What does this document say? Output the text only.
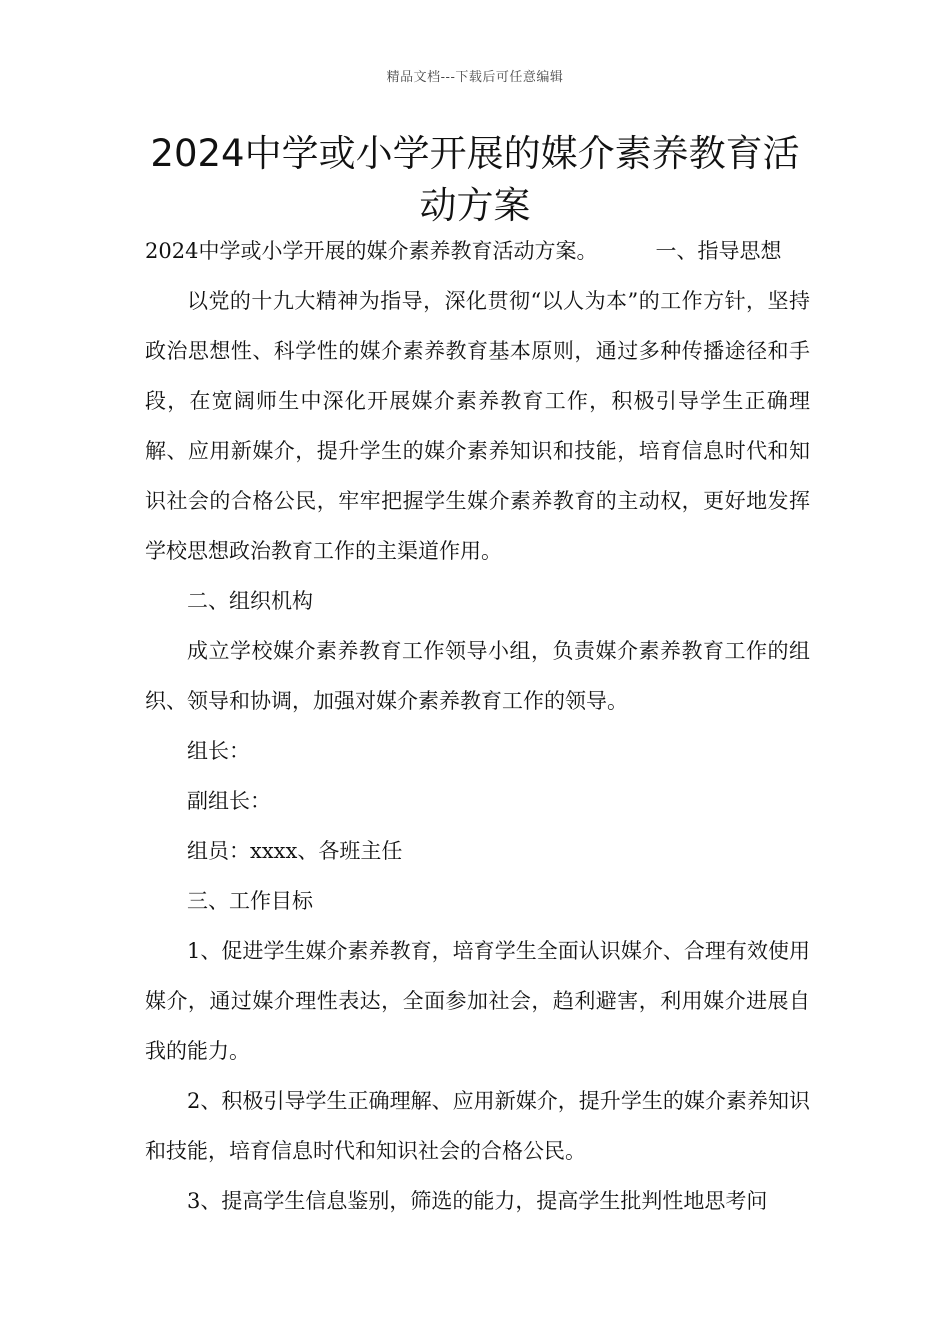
精品文档---下载后可任意编辑
2024中学或小学开展的媒介素养教育活
动方案

2024中学或小学开展的媒介素养教育活动方案。	一、指导思想

以党的十九大精神为指导，深化贯彻“以人为本”的工作方针，坚持政治思想性、科学性的媒介素养教育基本原则，通过多种传播途径和手段，在宽阔师生中深化开展媒介素养教育工作，积极引导学生正确理解、应用新媒介，提升学生的媒介素养知识和技能，培育信息时代和知识社会的合格公民，牢牢把握学生媒介素养教育的主动权，更好地发挥学校思想政治教育工作的主渠道作用。

二、组织机构

成立学校媒介素养教育工作领导小组，负责媒介素养教育工作的组织、领导和协调，加强对媒介素养教育工作的领导。

组长：

副组长：

组员：xxxx、各班主任

三、工作目标

1、促进学生媒介素养教育，培育学生全面认识媒介、合理有效使用媒介，通过媒介理性表达，全面参加社会，趋利避害，利用媒介进展自我的能力。

2、积极引导学生正确理解、应用新媒介，提升学生的媒介素养知识和技能，培育信息时代和知识社会的合格公民。

3、提高学生信息鉴别，筛选的能力，提高学生批判性地思考问
